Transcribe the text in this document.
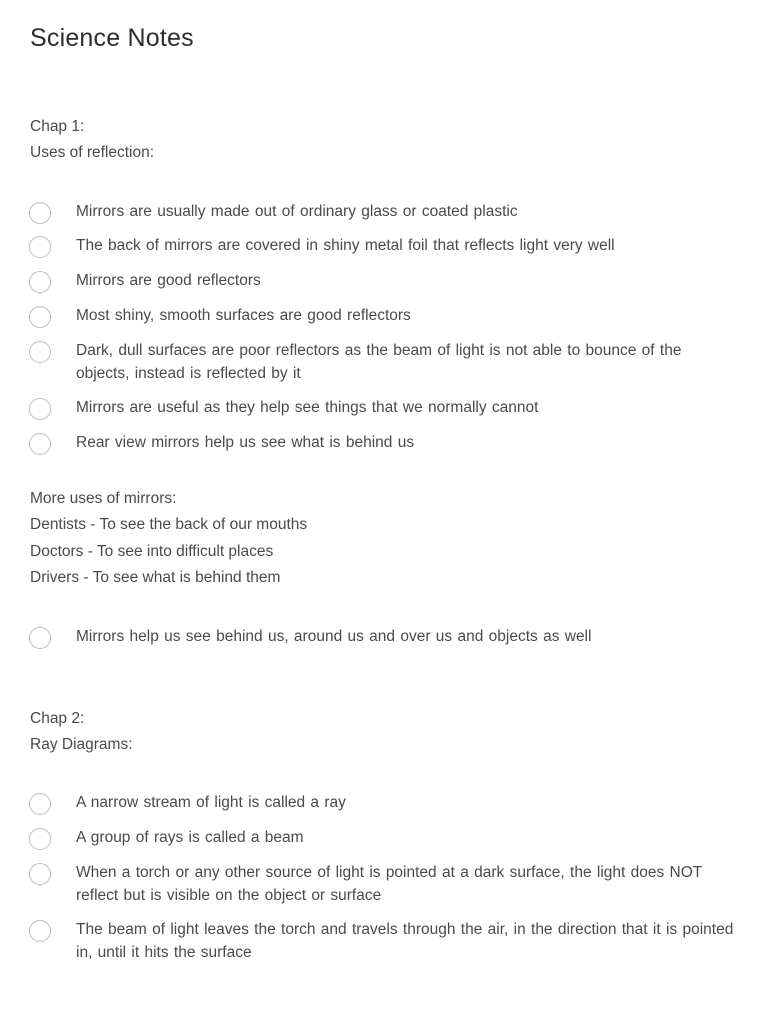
Science Notes
Chap 1:
Uses of reflection:
Mirrors are usually made out of ordinary glass or coated plastic
The back of mirrors are covered in shiny metal foil that reflects light very well
Mirrors are good reflectors
Most shiny, smooth surfaces are good reflectors
Dark, dull surfaces are poor reflectors as the beam of light is not able to bounce of the objects, instead is reflected by it
Mirrors are useful as they help see things that we normally cannot
Rear view mirrors help us see what is behind us
More uses of mirrors:
Dentists - To see the back of our mouths
Doctors - To see into difficult places
Drivers - To see what is behind them
Mirrors help us see behind us, around us and over us and objects as well
Chap 2:
Ray Diagrams:
A narrow stream of light is called a ray
A group of rays is called a beam
When a torch or any other source of light is pointed at a dark surface, the light does NOT reflect but is visible on the object or surface
The beam of light leaves the torch and travels through the air, in the direction that it is pointed in, until it hits the surface
